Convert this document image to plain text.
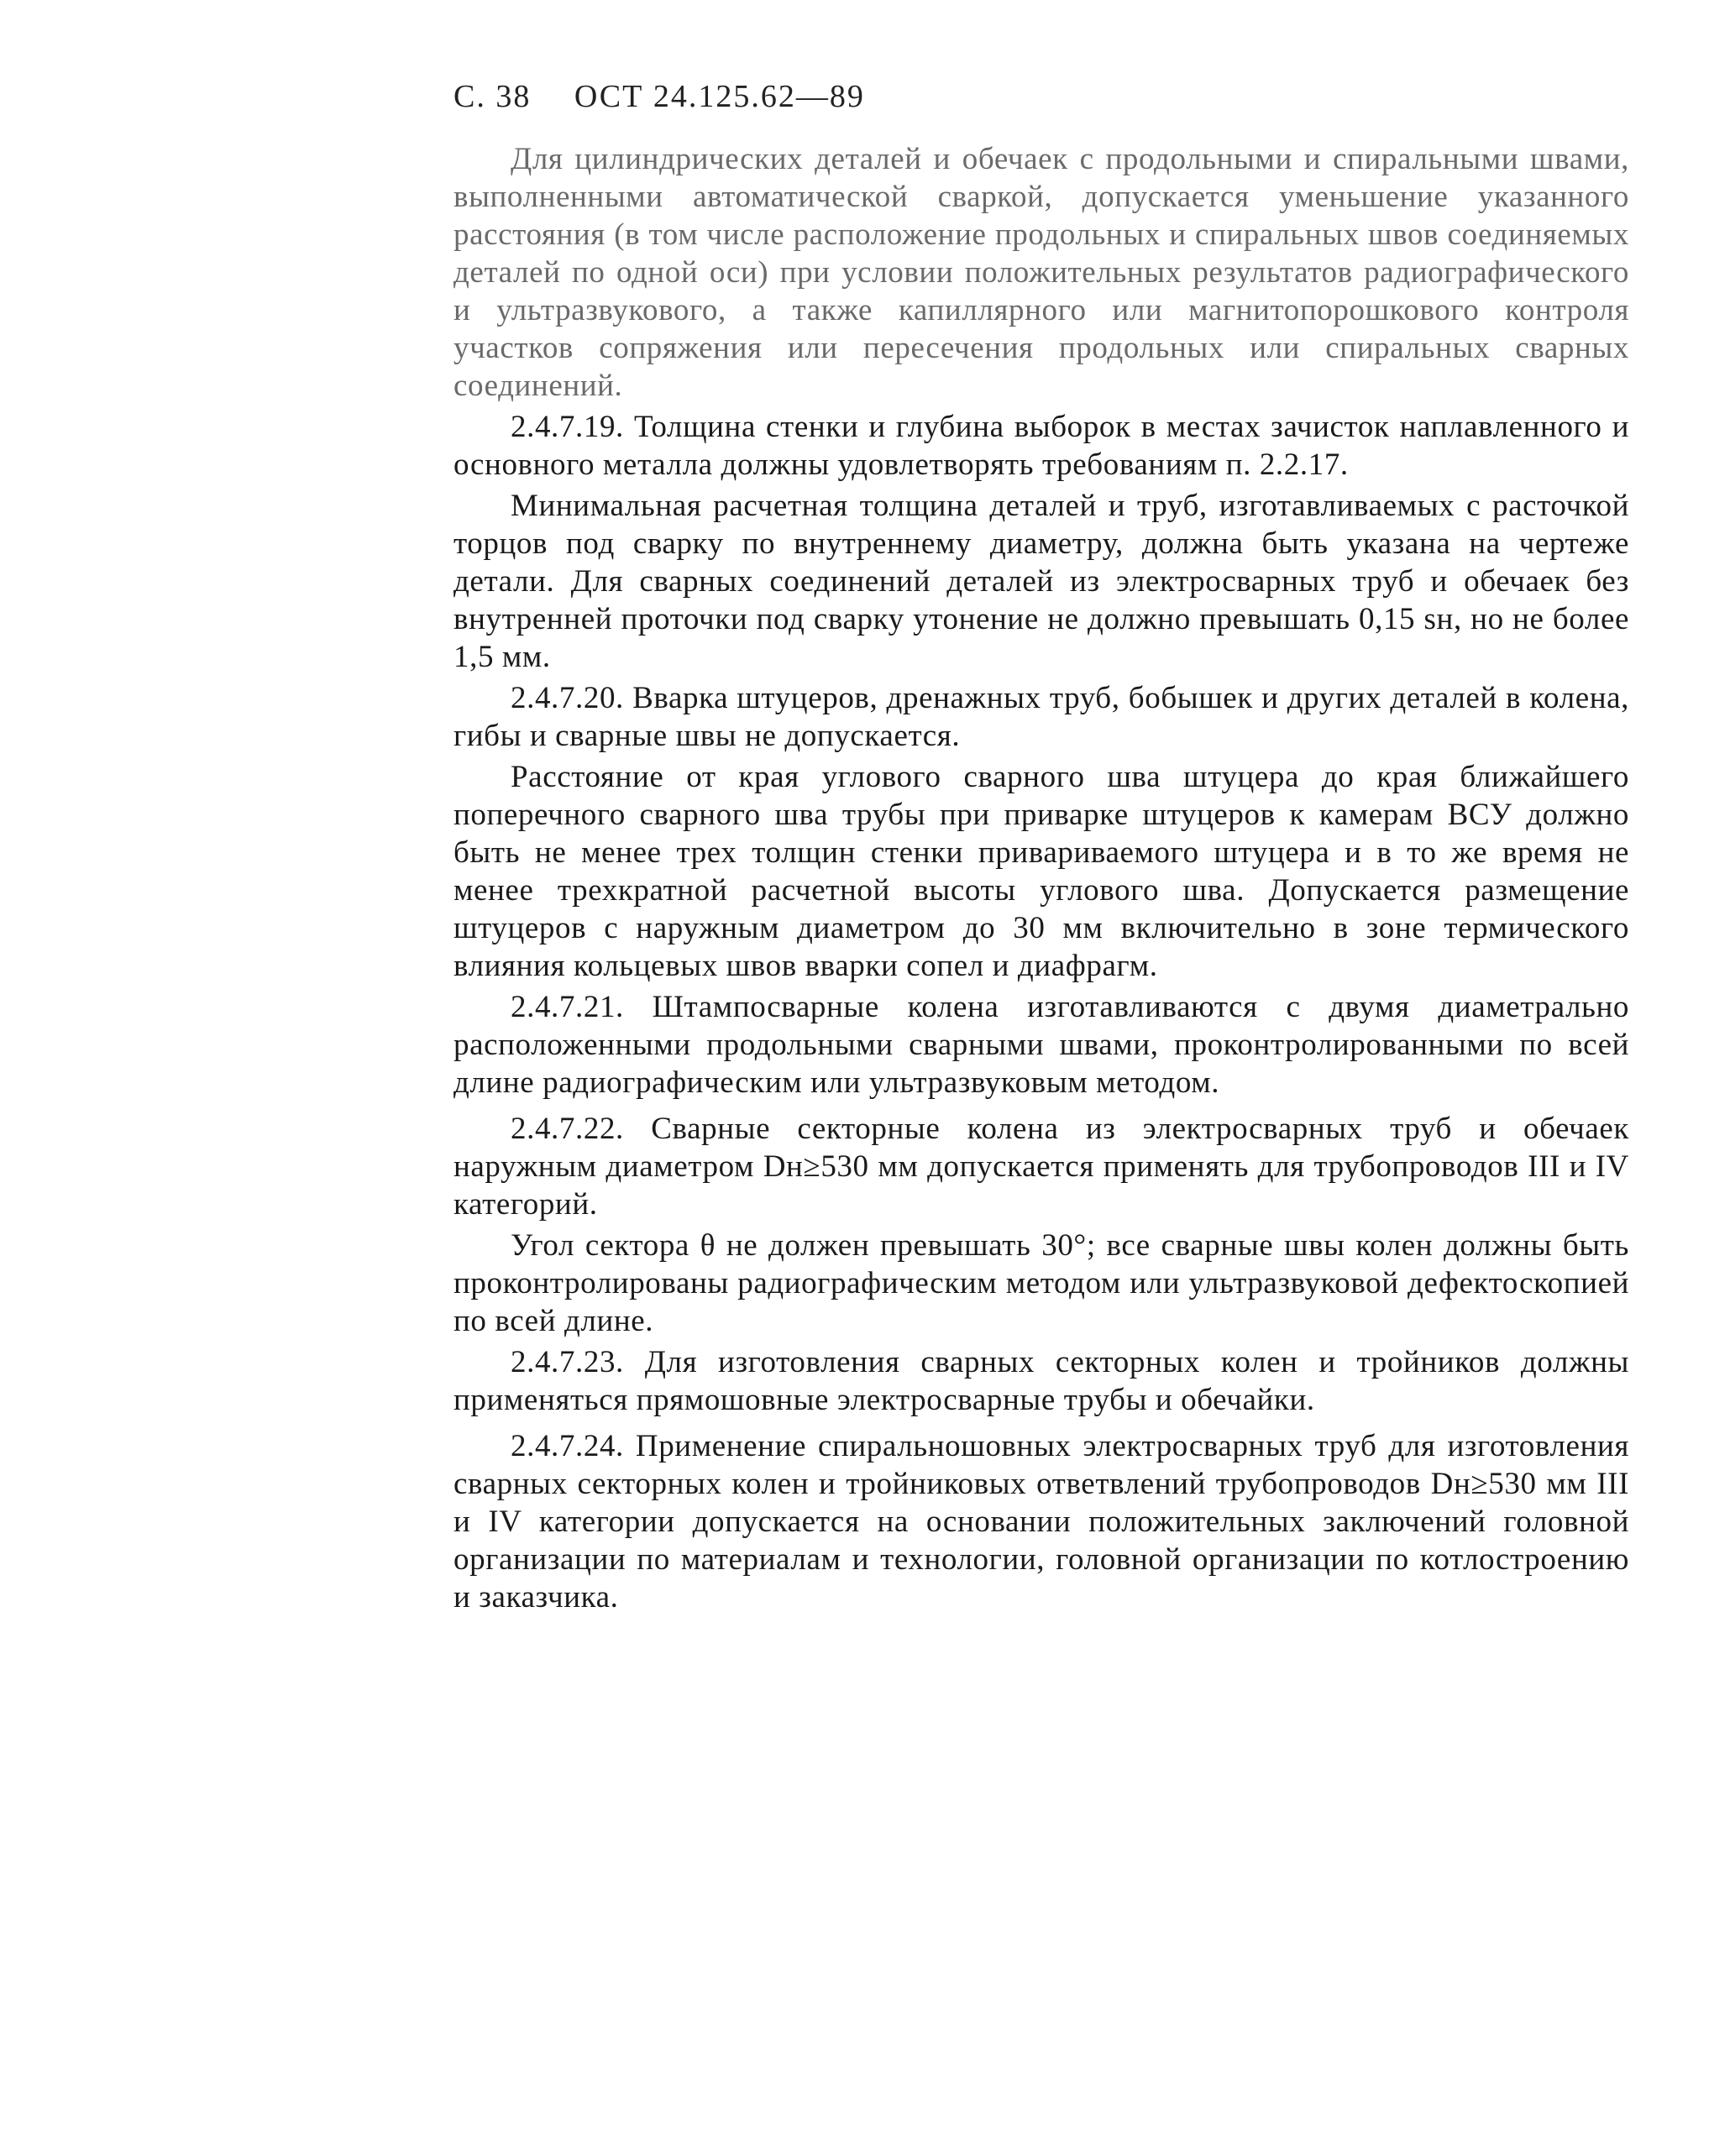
С. 38 ОСТ 24.125.62—89

Для цилиндрических деталей и обечаек с продольными и спиральными швами, выполненными автоматической сваркой, допускается уменьшение указанного расстояния (в том числе расположение продольных и спиральных швов соединяемых деталей по одной оси) при условии положительных результатов радиографического и ультразвукового, а также капиллярного или магнитопорошкового контроля участков сопряжения или пересечения продольных или спиральных сварных соединений.

2.4.7.19. Толщина стенки и глубина выборок в местах зачисток наплавленного и основного металла должны удовлетворять требованиям п. 2.2.17.

Минимальная расчетная толщина деталей и труб, изготавливаемых с расточкой торцов под сварку по внутреннему диаметру, должна быть указана на чертеже детали. Для сварных соединений деталей из электросварных труб и обечаек без внутренней проточки под сварку утонение не должно превышать 0,15 sн, но не более 1,5 мм.

2.4.7.20. Вварка штуцеров, дренажных труб, бобышек и других деталей в колена, гибы и сварные швы не допускается.

Расстояние от края углового сварного шва штуцера до края ближайшего поперечного сварного шва трубы при приварке штуцеров к камерам ВСУ должно быть не менее трех толщин стенки привариваемого штуцера и в то же время не менее трехкратной расчетной высоты углового шва. Допускается размещение штуцеров с наружным диаметром до 30 мм включительно в зоне термического влияния кольцевых швов вварки сопел и диафрагм.

2.4.7.21. Штампосварные колена изготавливаются с двумя диаметрально расположенными продольными сварными швами, проконтролированными по всей длине радиографическим или ультразвуковым методом.

2.4.7.22. Сварные секторные колена из электросварных труб и обечаек наружным диаметром Dн≥530 мм допускается применять для трубопроводов III и IV категорий.

Угол сектора θ не должен превышать 30°; все сварные швы колен должны быть проконтролированы радиографическим методом или ультразвуковой дефектоскопией по всей длине.

2.4.7.23. Для изготовления сварных секторных колен и тройников должны применяться прямошовные электросварные трубы и обечайки.

2.4.7.24. Применение спиральношовных электросварных труб для изготовления сварных секторных колен и тройниковых ответвлений трубопроводов Dн≥530 мм III и IV категории допускается на основании положительных заключений головной организации по материалам и технологии, головной организации по котлостроению и заказчика.
